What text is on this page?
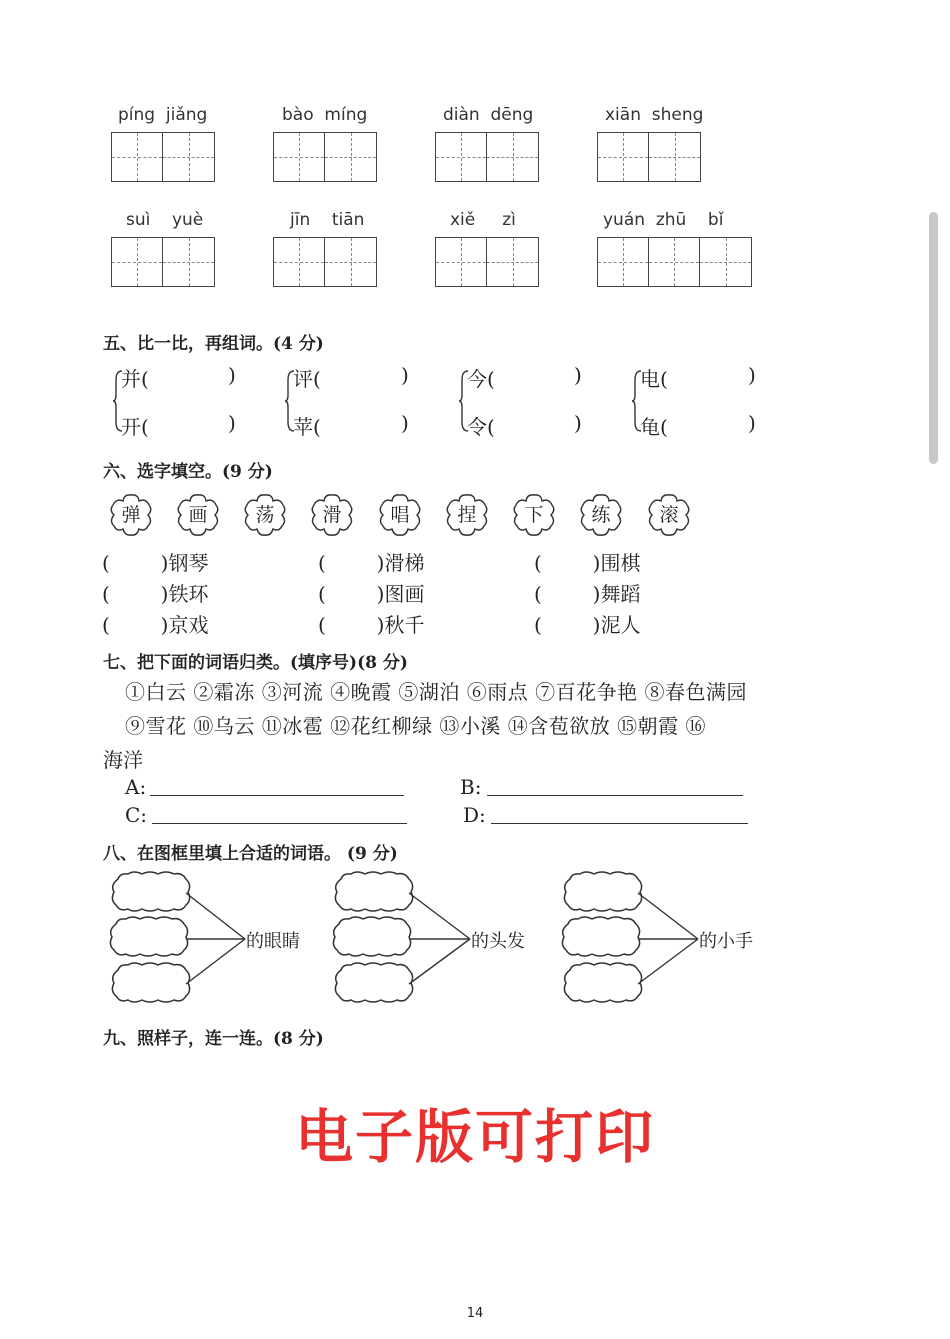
píng  jiǎng	bào  míng	diàn  dēng	xiān  sheng
suì    yuè	jīn    tiān	xiě     zì	yuán  zhū    bǐ
五、比一比，再组词。(4 分)
并(	)
开(	)
评(	)
苹(	)
今(	)
令(	)
电(	)
龟(	)
六、选字填空。(9 分)
弹	画	荡	滑	唱	捏	下	练	滚
(        )钢琴	(        )滑梯	(        )围棋
(        )铁环	(        )图画	(        )舞蹈
(        )京戏	(        )秋千	(        )泥人
七、把下面的词语归类。(填序号)(8 分)
①白云 ②霜冻 ③河流 ④晚霞 ⑤湖泊 ⑥雨点 ⑦百花争艳 ⑧春色满园
⑨雪花 ⑩乌云 ⑪冰雹 ⑫花红柳绿 ⑬小溪 ⑭含苞欲放 ⑮朝霞 ⑯
海洋
A:	B:
C:	D:
八、在图框里填上合适的词语。 (9 分)
的眼睛	的头发	的小手
九、照样子，连一连。(8 分)
电子版可打印
14
